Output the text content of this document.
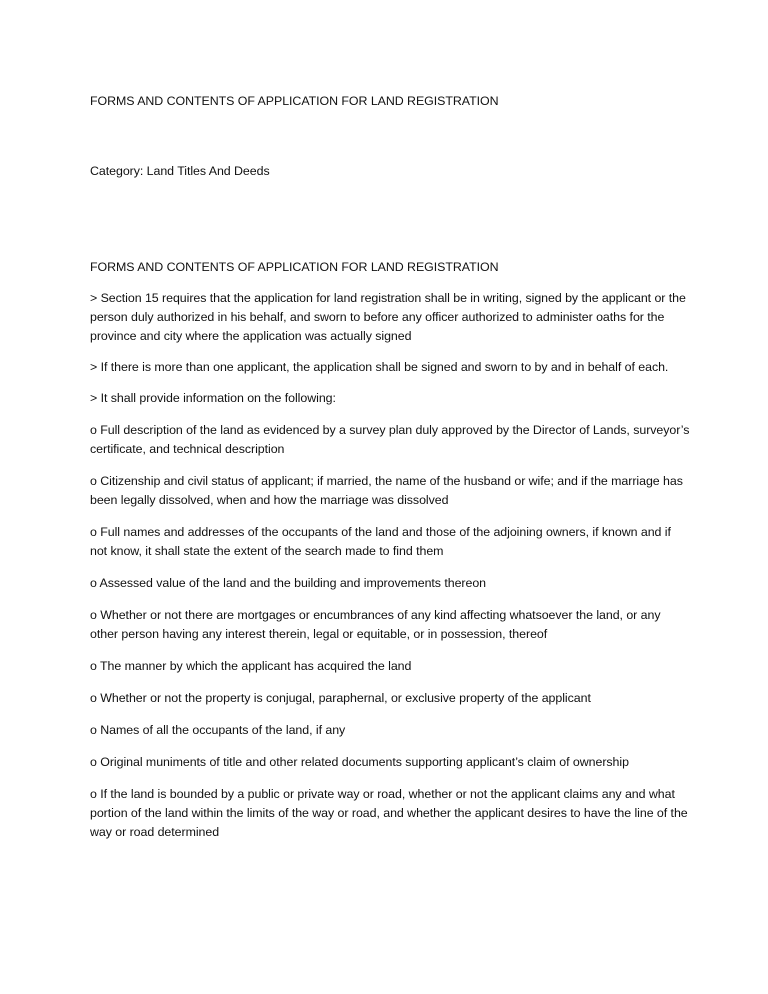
FORMS AND CONTENTS OF APPLICATION FOR LAND REGISTRATION

Category: Land Titles And Deeds

FORMS AND CONTENTS OF APPLICATION FOR LAND REGISTRATION

> Section 15 requires that the application for land registration shall be in writing, signed by the applicant or the person duly authorized in his behalf, and sworn to before any officer authorized to administer oaths for the province and city where the application was actually signed

> If there is more than one applicant, the application shall be signed and sworn to by and in behalf of each.

> It shall provide information on the following:

o Full description of the land as evidenced by a survey plan duly approved by the Director of Lands, surveyor’s certificate, and technical description

o Citizenship and civil status of applicant; if married, the name of the husband or wife; and if the marriage has been legally dissolved, when and how the marriage was dissolved

o Full names and addresses of the occupants of the land and those of the adjoining owners, if known and if not know, it shall state the extent of the search made to find them

o Assessed value of the land and the building and improvements thereon

o Whether or not there are mortgages or encumbrances of any kind affecting whatsoever the land, or any other person having any interest therein, legal or equitable, or in possession, thereof

o The manner by which the applicant has acquired the land

o Whether or not the property is conjugal, paraphernal, or exclusive property of the applicant

o Names of all the occupants of the land, if any

o Original muniments of title and other related documents supporting applicant’s claim of ownership

o If the land is bounded by a public or private way or road, whether or not the applicant claims any and what portion of the land within the limits of the way or road, and whether the applicant desires to have the line of the way or road determined
